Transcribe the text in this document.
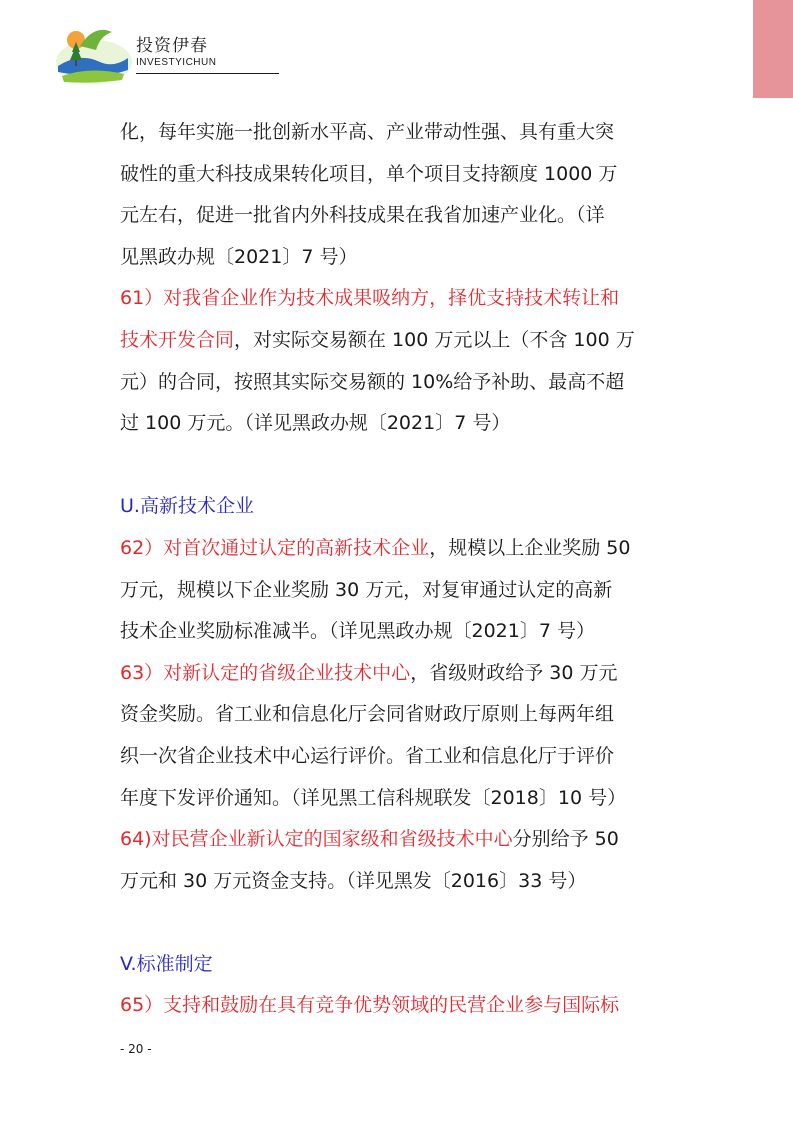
投资伊春
INVESTYICHUN
化，每年实施一批创新水平高、产业带动性强、具有重大突
破性的重大科技成果转化项目，单个项目支持额度 1000 万
元左右，促进一批省内外科技成果在我省加速产业化。（详
见黑政办规〔2021〕7 号）
61）对我省企业作为技术成果吸纳方，择优支持技术转让和
技术开发合同，对实际交易额在 100 万元以上（不含 100 万
元）的合同，按照其实际交易额的 10%给予补助、最高不超
过 100 万元。（详见黑政办规〔2021〕7 号）
U.高新技术企业
62）对首次通过认定的高新技术企业，规模以上企业奖励 50
万元，规模以下企业奖励 30 万元，对复审通过认定的高新
技术企业奖励标准减半。（详见黑政办规〔2021〕7 号）
63）对新认定的省级企业技术中心，省级财政给予 30 万元
资金奖励。省工业和信息化厅会同省财政厅原则上每两年组
织一次省企业技术中心运行评价。省工业和信息化厅于评价
年度下发评价通知。（详见黑工信科规联发〔2018〕10 号）
64)对民营企业新认定的国家级和省级技术中心分别给予 50
万元和 30 万元资金支持。（详见黑发〔2016〕33 号）
V.标准制定
65）支持和鼓励在具有竞争优势领域的民营企业参与国际标
- 20 -
